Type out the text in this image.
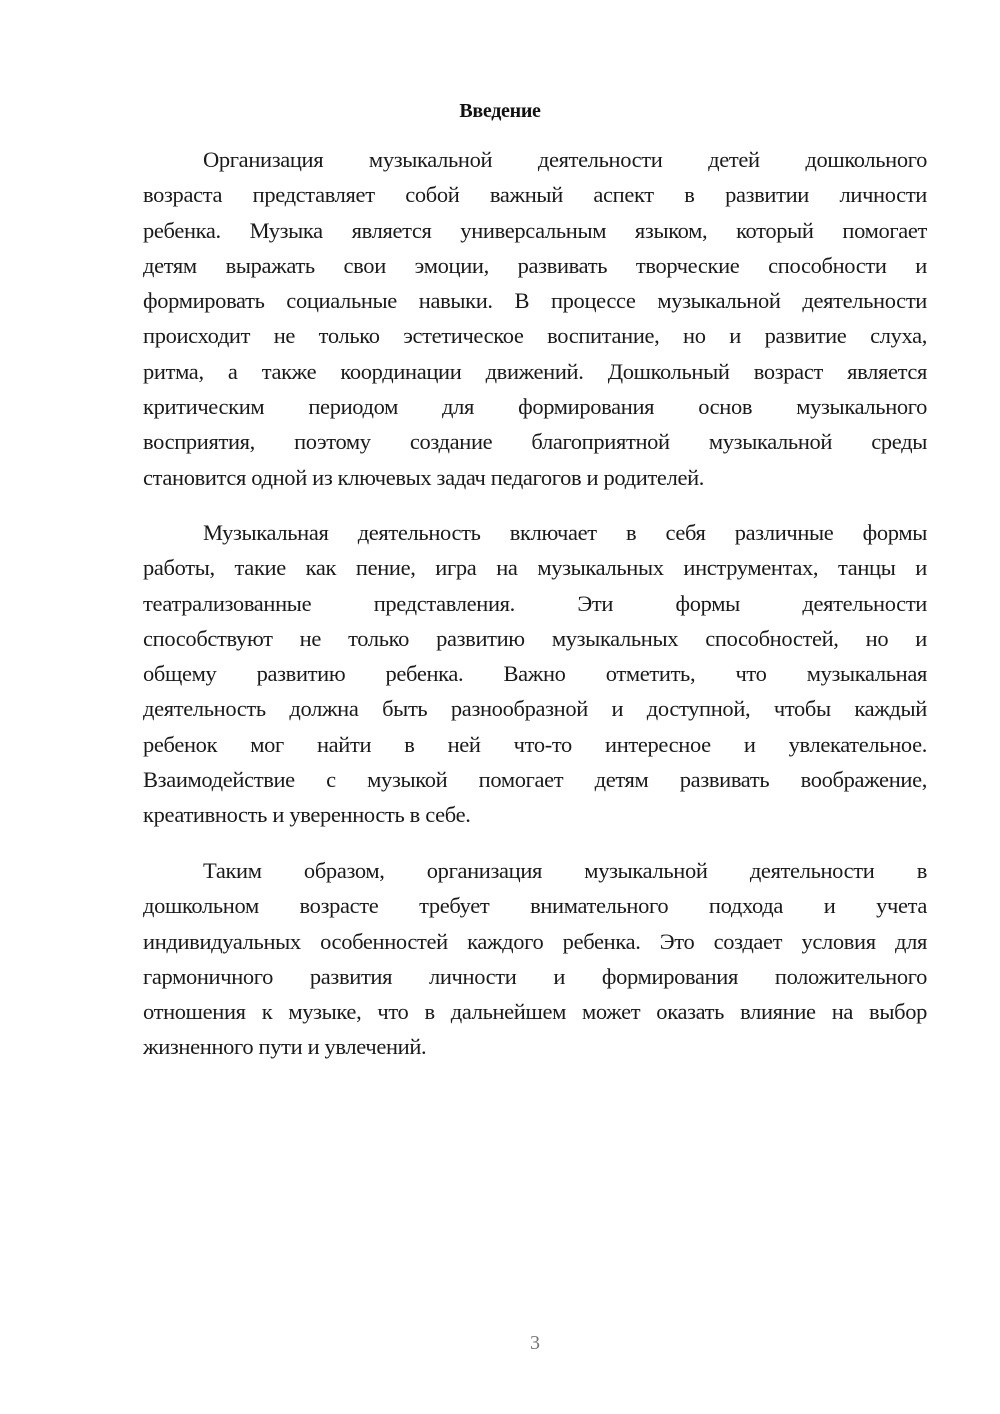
Введение
Организация музыкальной деятельности детей дошкольного
возраста представляет собой важный аспект в развитии личности
ребенка. Музыка является универсальным языком, который помогает
детям выражать свои эмоции, развивать творческие способности и
формировать социальные навыки. В процессе музыкальной деятельности
происходит не только эстетическое воспитание, но и развитие слуха,
ритма, а также координации движений. Дошкольный возраст является
критическим периодом для формирования основ музыкального
восприятия, поэтому создание благоприятной музыкальной среды
становится одной из ключевых задач педагогов и родителей.
Музыкальная деятельность включает в себя различные формы
работы, такие как пение, игра на музыкальных инструментах, танцы и
театрализованные представления. Эти формы деятельности
способствуют не только развитию музыкальных способностей, но и
общему развитию ребенка. Важно отметить, что музыкальная
деятельность должна быть разнообразной и доступной, чтобы каждый
ребенок мог найти в ней что-то интересное и увлекательное.
Взаимодействие с музыкой помогает детям развивать воображение,
креативность и уверенность в себе.
Таким образом, организация музыкальной деятельности в
дошкольном возрасте требует внимательного подхода и учета
индивидуальных особенностей каждого ребенка. Это создает условия для
гармоничного развития личности и формирования положительного
отношения к музыке, что в дальнейшем может оказать влияние на выбор
жизненного пути и увлечений.
3
